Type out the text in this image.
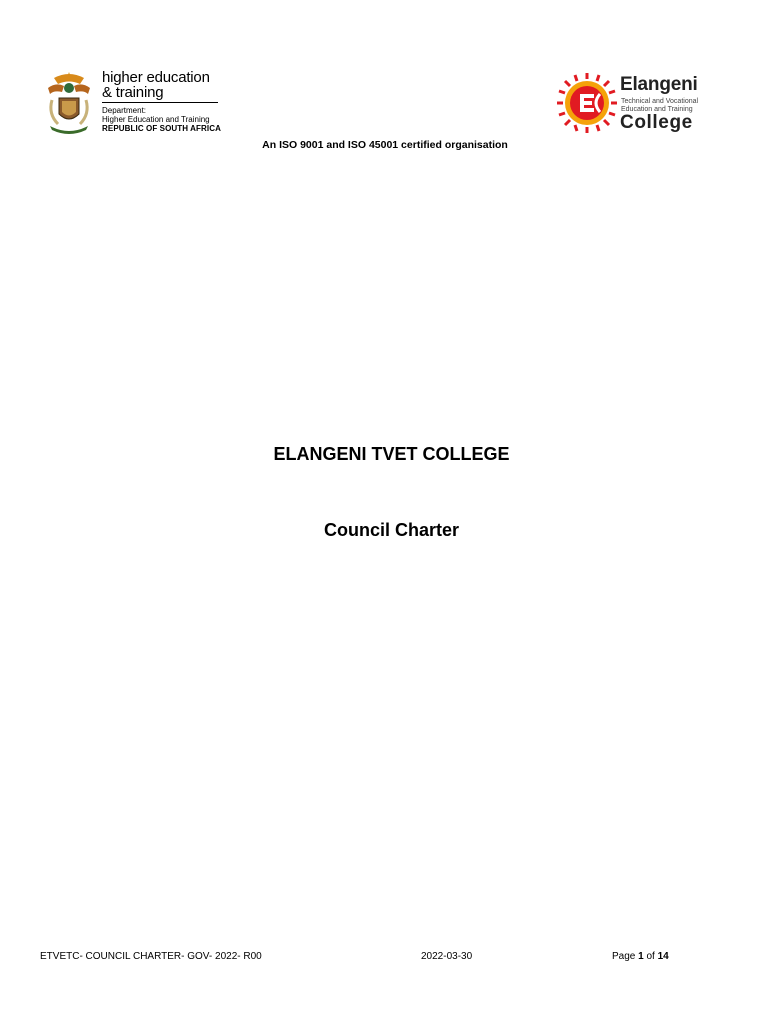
higher education
& training
Department:
Higher Education and Training
REPUBLIC OF SOUTH AFRICA
Elangeni
Technical and Vocational
Education and Training
College
An ISO 9001 and ISO 45001 certified organisation
ELANGENI TVET COLLEGE
Council Charter
ETVETC- COUNCIL CHARTER- GOV- 2022- R00	2022-03-30	Page 1 of 14
